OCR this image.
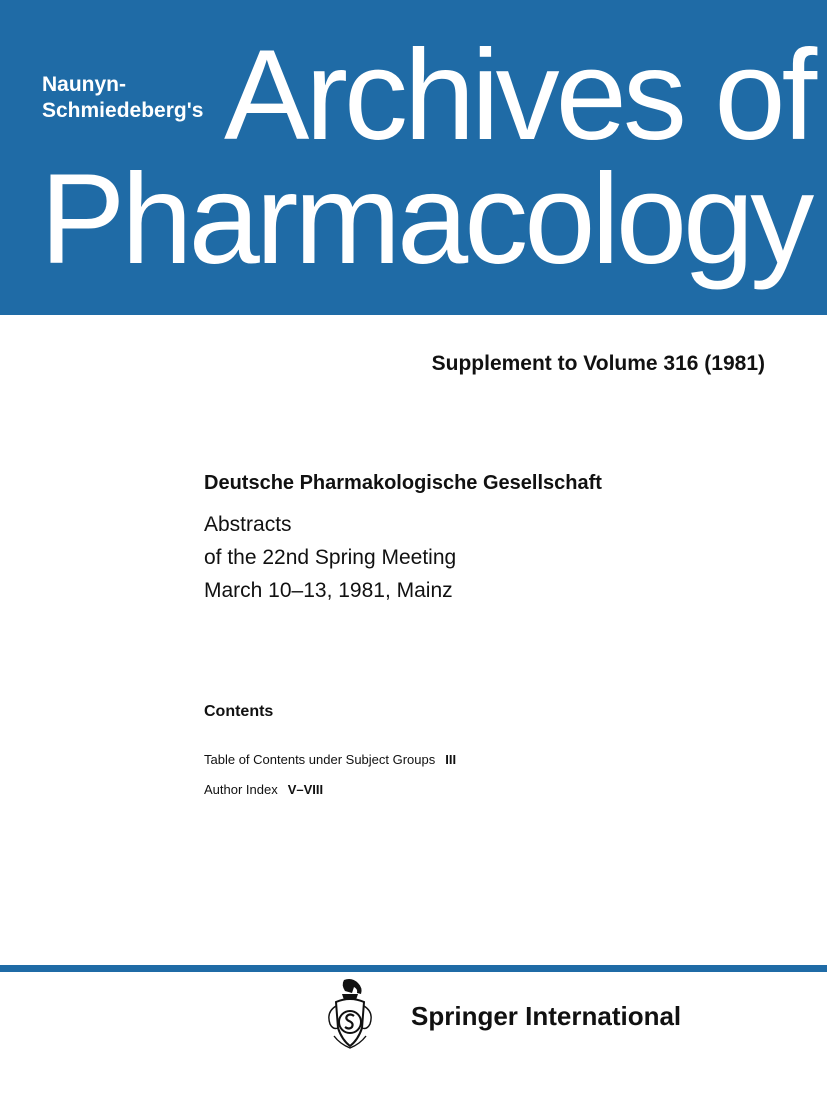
Naunyn-
Schmiedeberg's Archives of
Pharmacology
Supplement to Volume 316 (1981)
Deutsche Pharmakologische Gesellschaft
Abstracts
of the 22nd Spring Meeting
March 10–13, 1981, Mainz
Contents
Table of Contents under Subject Groups III
Author Index V–VIII
Springer International
